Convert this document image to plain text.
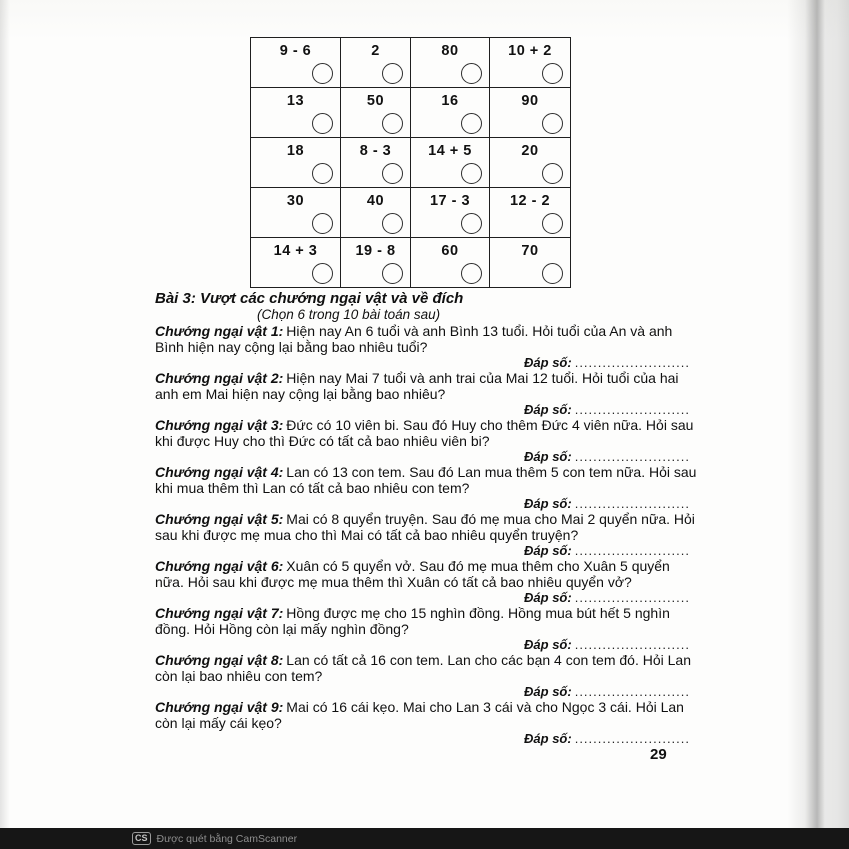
9 - 6	2	80	10 + 2

13	50	16	90

18	8 - 3	14 + 5	20

30	40	17 - 3	12 - 2

14 + 3	19 - 8	60	70

Bài 3: Vượt các chướng ngại vật và về đích

(Chọn 6 trong 10 bài toán sau)

Chướng ngại vật 1: Hiện nay An 6 tuổi và anh Bình 13 tuổi. Hỏi tuổi của An và anh Bình hiện nay cộng lại bằng bao nhiêu tuổi?

Đáp số: .........................

Chướng ngại vật 2: Hiện nay Mai 7 tuổi và anh trai của Mai 12 tuổi. Hỏi tuổi của hai anh em Mai hiện nay cộng lại bằng bao nhiêu?

Đáp số: .........................

Chướng ngại vật 3: Đức có 10 viên bi. Sau đó Huy cho thêm Đức 4 viên nữa. Hỏi sau khi được Huy cho thì Đức có tất cả bao nhiêu viên bi?

Đáp số: .........................

Chướng ngại vật 4: Lan có 13 con tem. Sau đó Lan mua thêm 5 con tem nữa. Hỏi sau khi mua thêm thì Lan có tất cả bao nhiêu con tem?

Đáp số: .........................

Chướng ngại vật 5: Mai có 8 quyển truyện. Sau đó mẹ mua cho Mai 2 quyển nữa. Hỏi sau khi được mẹ mua cho thì Mai có tất cả bao nhiêu quyển truyện?

Đáp số: .........................

Chướng ngại vật 6: Xuân có 5 quyển vở. Sau đó mẹ mua thêm cho Xuân 5 quyển nữa. Hỏi sau khi được mẹ mua thêm thì Xuân có tất cả bao nhiêu quyển vở?

Đáp số: .........................

Chướng ngại vật 7: Hồng được mẹ cho 15 nghìn đồng. Hồng mua bút hết 5 nghìn đồng. Hỏi Hồng còn lại mấy nghìn đồng?

Đáp số: .........................

Chướng ngại vật 8: Lan có tất cả 16 con tem. Lan cho các bạn 4 con tem đó. Hỏi Lan còn lại bao nhiêu con tem?

Đáp số: .........................

Chướng ngại vật 9: Mai có 16 cái kẹo. Mai cho Lan 3 cái và cho Ngọc 3 cái. Hỏi Lan còn lại mấy cái kẹo?

Đáp số: .........................

29
CS Được quét bằng CamScanner
